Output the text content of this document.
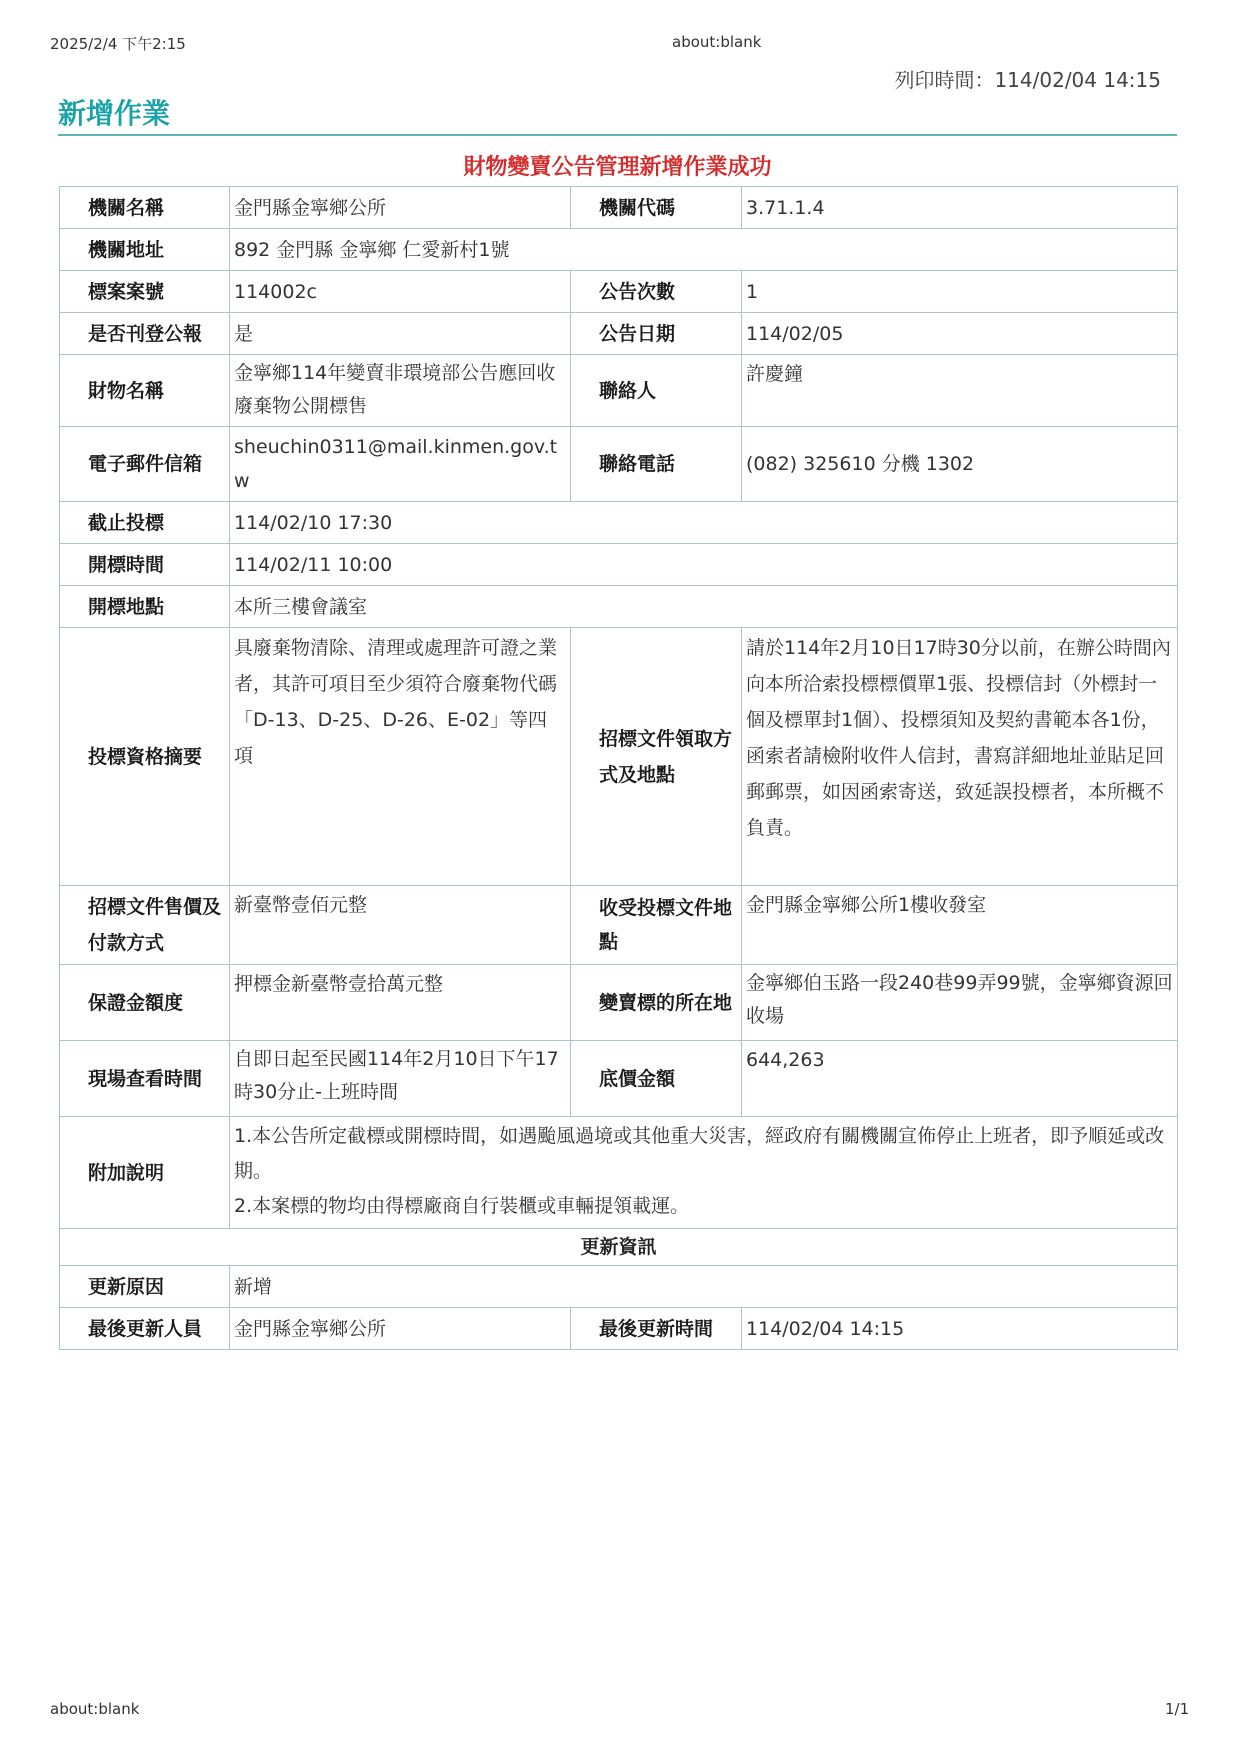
2025/2/4 下午2:15	about:blank
列印時間：114/02/04 14:15
新增作業
財物變賣公告管理新增作業成功
機關名稱	金門縣金寧鄉公所	機關代碼	3.71.1.4
機關地址	892 金門縣 金寧鄉 仁愛新村1號		
標案案號	114002c	公告次數	1
是否刊登公報	是	公告日期	114/02/05
財物名稱	金寧鄉114年變賣非環境部公告應回收廢棄物公開標售	聯絡人	許慶鐘
電子郵件信箱	sheuchin0311@mail.kinmen.gov.tw	聯絡電話	(082) 325610 分機 1302
截止投標	114/02/10 17:30		
開標時間	114/02/11 10:00		
開標地點	本所三樓會議室		
投標資格摘要	具廢棄物清除、清理或處理許可證之業者，其許可項目至少須符合廢棄物代碼「D-13、D-25、D-26、E-02」等四項	招標文件領取方式及地點	請於114年2月10日17時30分以前，在辦公時間內向本所洽索投標標價單1張、投標信封（外標封一個及標單封1個）、投標須知及契約書範本各1份，函索者請檢附收件人信封，書寫詳細地址並貼足回郵郵票，如因函索寄送，致延誤投標者，本所概不負責。
招標文件售價及付款方式	新臺幣壹佰元整	收受投標文件地點	金門縣金寧鄉公所1樓收發室
保證金額度	押標金新臺幣壹拾萬元整	變賣標的所在地	金寧鄉伯玉路一段240巷99弄99號，金寧鄉資源回收場
現場查看時間	自即日起至民國114年2月10日下午17時30分止-上班時間	底價金額	644,263
附加說明	1.本公告所定截標或開標時間，如遇颱風過境或其他重大災害，經政府有關機關宣佈停止上班者，即予順延或改期。
2.本案標的物均由得標廠商自行裝櫃或車輛提領載運。		

更新資訊			
更新原因	新增		
最後更新人員	金門縣金寧鄉公所	最後更新時間	114/02/04 14:15
about:blank	1/1
